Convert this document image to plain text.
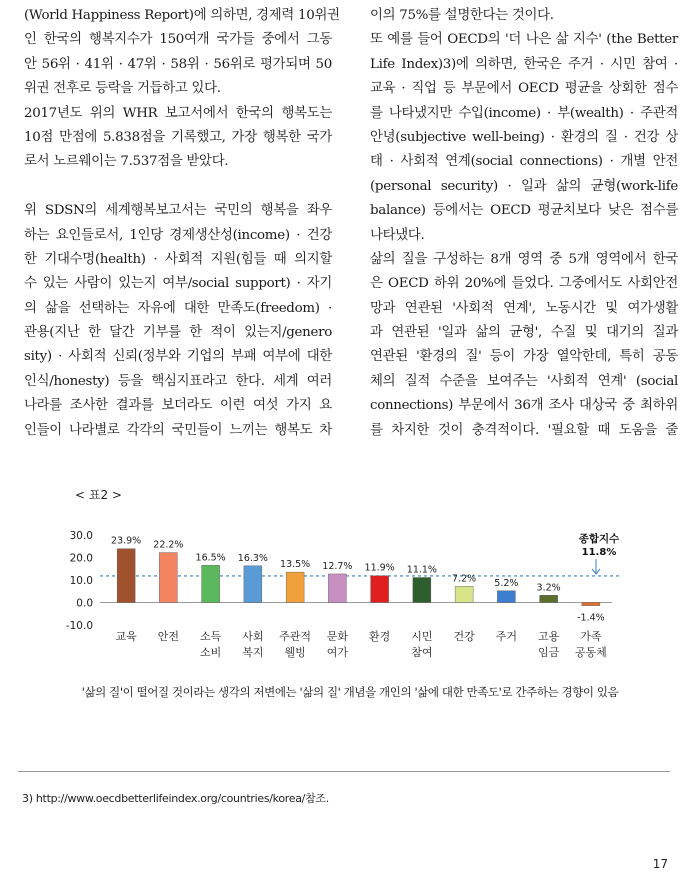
(World Happiness Report)에 의하면, 경제력 10위권
인 한국의 행복지수가 150여개 국가들 중에서 그동
안 56위 · 41위 · 47위 · 58위 · 56위로 평가되며 50
위권 전후로 등락을 거듭하고 있다.
2017년도 위의 WHR 보고서에서 한국의 행복도는
10점 만점에 5.838점을 기록했고, 가장 행복한 국가
로서 노르웨이는 7.537점을 받았다.
위 SDSN의 세계행복보고서는 국민의 행복을 좌우
하는 요인들로서, 1인당 경제생산성(income) · 건강
한 기대수명(health) · 사회적 지원(힘들 때 의지할
수 있는 사람이 있는지 여부/social support) · 자기
의 삶을 선택하는 자유에 대한 만족도(freedom) ·
관용(지난 한 달간 기부를 한 적이 있는지/genero
sity) · 사회적 신뢰(정부와 기업의 부패 여부에 대한
인식/honesty) 등을 핵심지표라고 한다. 세계 여러
나라를 조사한 결과를 보더라도 이런 여섯 가지 요
인들이 나라별로 각각의 국민들이 느끼는 행복도 차
이의 75%를 설명한다는 것이다.
또 예를 들어 OECD의 '더 나은 삶 지수' (the Better
Life Index)3)에 의하면, 한국은 주거 · 시민 참여 ·
교육 · 직업 등 부문에서 OECD 평균을 상회한 점수
를 나타냈지만 수입(income) · 부(wealth) · 주관적
안녕(subjective well-being) · 환경의 질 · 건강 상
태 · 사회적 연계(social connections) · 개별 안전
(personal security) · 일과 삶의 균형(work-life
balance) 등에서는 OECD 평균치보다 낮은 점수를
나타냈다.
삶의 질을 구성하는 8개 영역 중 5개 영역에서 한국
은 OECD 하위 20%에 들었다. 그중에서도 사회안전
망과 연관된 '사회적 연계', 노동시간 및 여가생활
과 연관된 '일과 삶의 균형', 수질 및 대기의 질과
연관된 '환경의 질' 등이 가장 열악한데, 특히 공동
체의 질적 수준을 보여주는 '사회적 연계' (social
connections) 부문에서 36개 조사 대상국 중 최하위
를 차지한 것이 충격적이다. '필요할 때 도움을 줄
< 표2 >
-10.0
0.0
10.0
20.0
30.0 23.9%
교육
22.2%
안전
16.5%
소득
소비
16.3%
사회
복지
13.5%
주관적
웰빙
12.7%
문화
여가
11.9%
환경
11.1%
시민
참여
7.2%
건강
5.2%
주거
3.2%
고용
임금
-1.4%
가족
공동체
종합지수
11.8%
'삶의 질'이 떨어질 것이라는 생각의 저변에는 '삶의 질' 개념을 개인의 '삶에 대한 만족도'로 간주하는 경향이 있음
3) http://www.oecdbetterlifeindex.org/countries/korea/참조.
17
